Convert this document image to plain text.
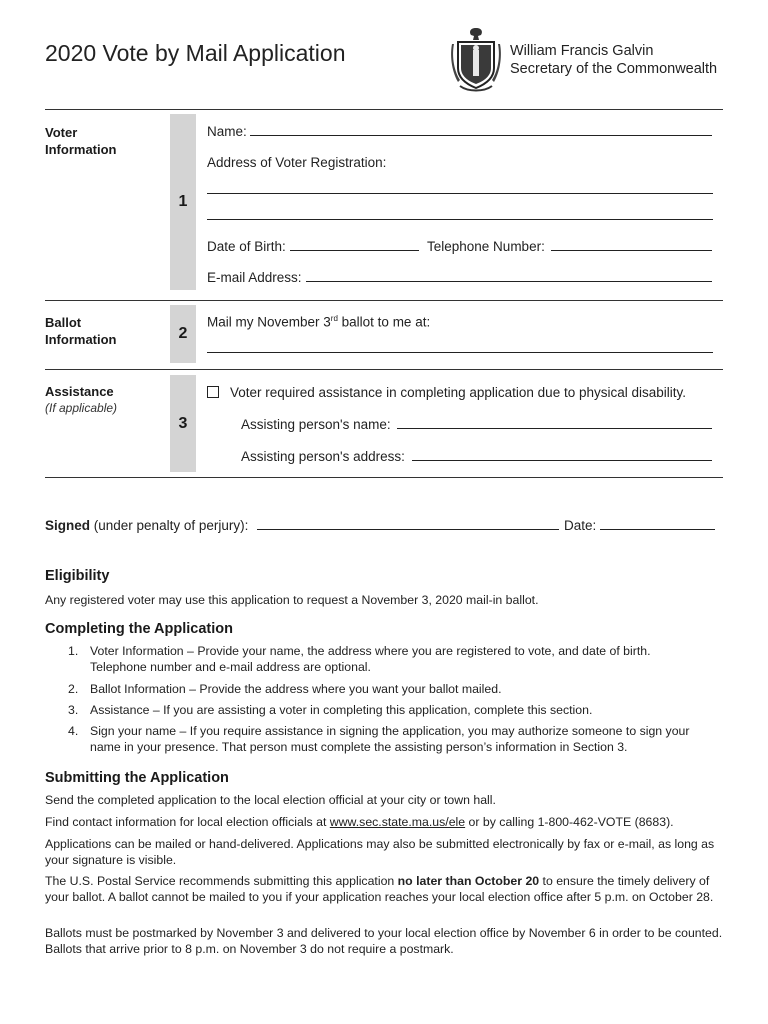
2020 Vote by Mail Application	William Francis Galvin
Secretary of the Commonwealth
Voter
Information
1
Name:
Address of Voter Registration:
Date of Birth:	Telephone Number:
E-mail Address:
Ballot
Information	2
Mail my November 3rd ballot to me at:
Assistance
(If applicable)
3
Voter required assistance in completing application due to physical disability.
Assisting person's name:
Assisting person's address:
Signed (under penalty of perjury):	Date:
Eligibility
Any registered voter may use this application to request a November 3, 2020 mail-in ballot.
Completing the Application
1. Voter Information – Provide your name, the address where you are registered to vote, and date of birth. Telephone number and e-mail address are optional.
2. Ballot Information – Provide the address where you want your ballot mailed.
3. Assistance – If you are assisting a voter in completing this application, complete this section.
4. Sign your name – If you require assistance in signing the application, you may authorize someone to sign your name in your presence. That person must complete the assisting person’s information in Section 3.
Submitting the Application
Send the completed application to the local election official at your city or town hall.
Find contact information for local election officials at www.sec.state.ma.us/ele or by calling 1-800-462-VOTE (8683).
Applications can be mailed or hand-delivered. Applications may also be submitted electronically by fax or e-mail, as long as your signature is visible.
The U.S. Postal Service recommends submitting this application no later than October 20 to ensure the timely delivery of your ballot. A ballot cannot be mailed to you if your application reaches your local election office after 5 p.m. on October 28.
Ballots must be postmarked by November 3 and delivered to your local election office by November 6 in order to be counted. Ballots that arrive prior to 8 p.m. on November 3 do not require a postmark.
